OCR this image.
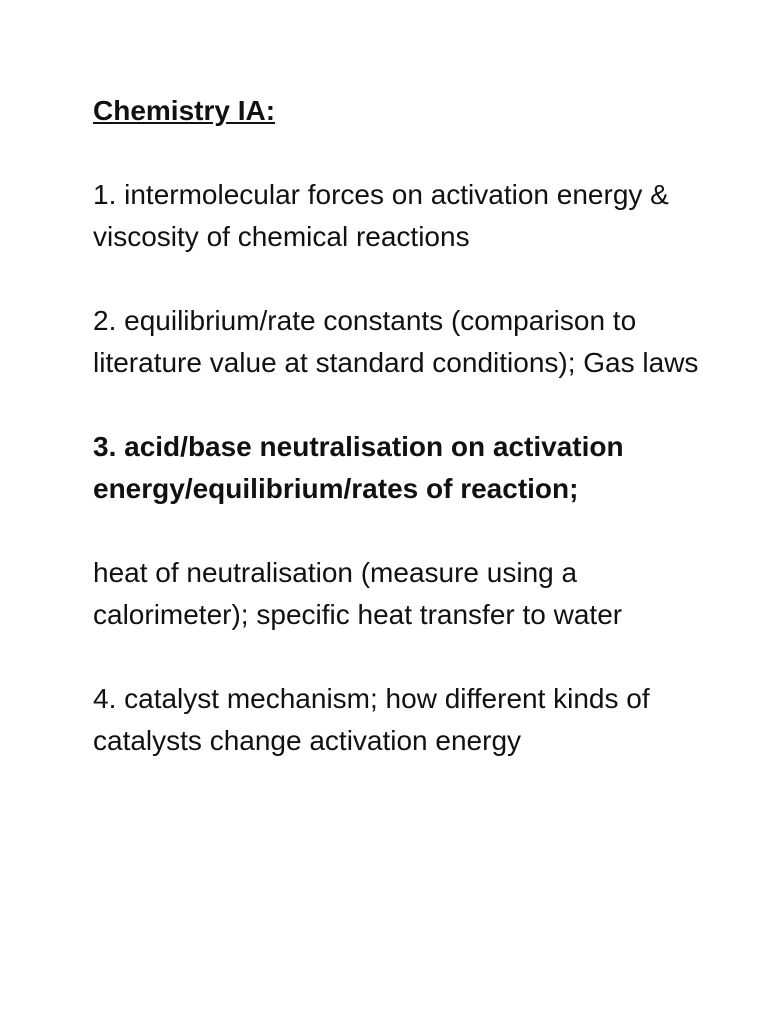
Chemistry IA:
1. intermolecular forces on activation energy & viscosity of chemical reactions
2. equilibrium/rate constants (comparison to literature value at standard conditions); Gas laws
3. acid/base neutralisation on activation energy/equilibrium/rates of reaction;
heat of neutralisation (measure using a calorimeter); specific heat transfer to water
4. catalyst mechanism; how different kinds of catalysts change activation energy
